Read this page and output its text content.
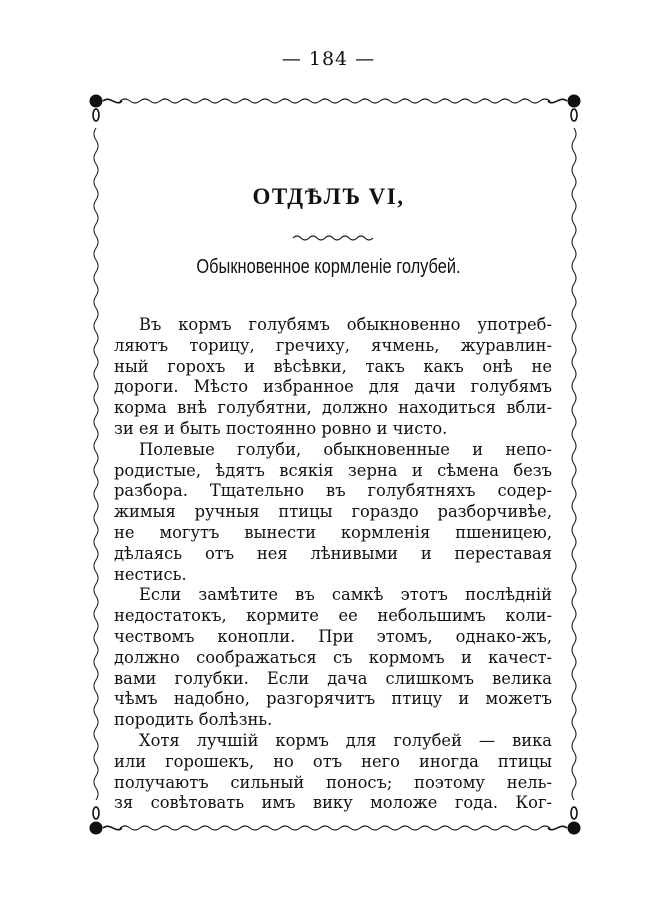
— 184 —
ОТДѢЛЪ VI,
Обыкновенное кормленіе голубей.

Въ кормъ голубямъ обыкновенно употреб-

ляютъ торицу, гречиху, ячмень, журавлин-

ный горохъ и вѣсѣвки, такъ какъ онѣ не

дороги. Мѣсто избранное для дачи голубямъ

корма внѣ голубятни, должно находиться вбли-

зи ея и быть постоянно ровно и чисто.

Полевые голуби, обыкновенные и непо-

родистые, ѣдятъ всякія зерна и сѣмена безъ

разбора. Тщательно въ голубятняхъ содер-

жимыя ручныя птицы гораздо разборчивѣе,

не могутъ вынести кормленія пшеницею,

дѣлаясь отъ нея лѣнивыми и переставая

нестись.

Если замѣтите въ самкѣ этотъ послѣдній

недостатокъ, кормите ее небольшимъ коли-

чествомъ конопли. При этомъ, однако-жъ,

должно соображаться съ кормомъ и качест-

вами голубки. Если дача слишкомъ велика

чѣмъ надобно, разгорячитъ птицу и можетъ

породить болѣзнь.

Хотя лучшій кормъ для голубей — вика

или горошекъ, но отъ него иногда птицы

получаютъ сильный поносъ; поэтому нель-

зя совѣтовать имъ вику моложе года. Ког-
